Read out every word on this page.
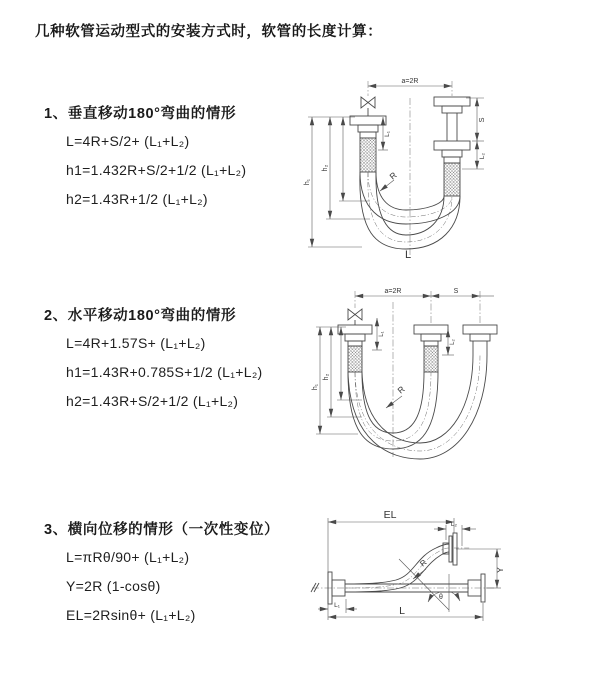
几种软管运动型式的安装方式时，软管的长度计算：
1、垂直移动180°弯曲的情形
L=4R+S/2+ (L₁+L₂)
h1=1.432R+S/2+1/2 (L₁+L₂)
h2=1.43R+1/2 (L₁+L₂)
2、水平移动180°弯曲的情形
L=4R+1.57S+ (L₁+L₂)
h1=1.43R+0.785S+1/2 (L₁+L₂)
h2=1.43R+S/2+1/2 (L₁+L₂)
3、横向位移的情形（一次性变位）
L=πRθ/90+ (L₁+L₂)
Y=2R (1-cosθ)
EL=2Rsinθ+ (L₁+L₂)
a=2R
S
L₂
h₁
h₂
L₁
R
L
a=2R	S
h₁
h₂
L₁
L₂
R
EL
L₂
Y
L
L₁
R
θ
